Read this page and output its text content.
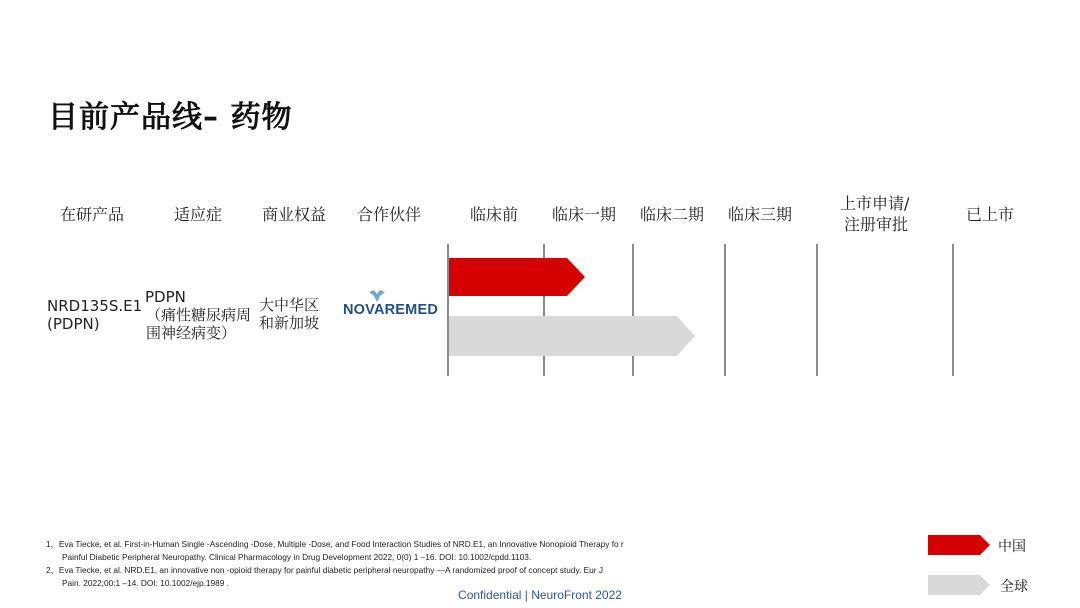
目前产品线– 药物
在研产品	适应症 商业权益 合作伙伴	临床前 临床一期 临床二期 临床三期
上市申请/
注册审批
已上市
NRD135S.E1
(PDPN)
PDPN
（痛性糖尿病周
围神经病变）
大中华区
和新加坡
NOVAREMED
1，Eva Tiecke, et al. First-in-Human Single -Ascending -Dose, Multiple -Dose, and Food Interaction Studies of NRD.E1, an Innovative Nonopioid Therapy fo r
Painful Diabetic Peripheral Neuropathy. Clinical Pharmacology in Drug Development 2022, 0(0) 1 –16. DOI: 10.1002/cpdd.1103.
2，Eva Tiecke, et al. NRD.E1, an innovative non -opioid therapy for painful diabetic peripheral neuropathy —A randomized proof of concept study. Eur J
Pain. 2022;00:1 –14. DOI: 10.1002/ejp.1989 .
中国
全球
Confidential | NeuroFront 2022
